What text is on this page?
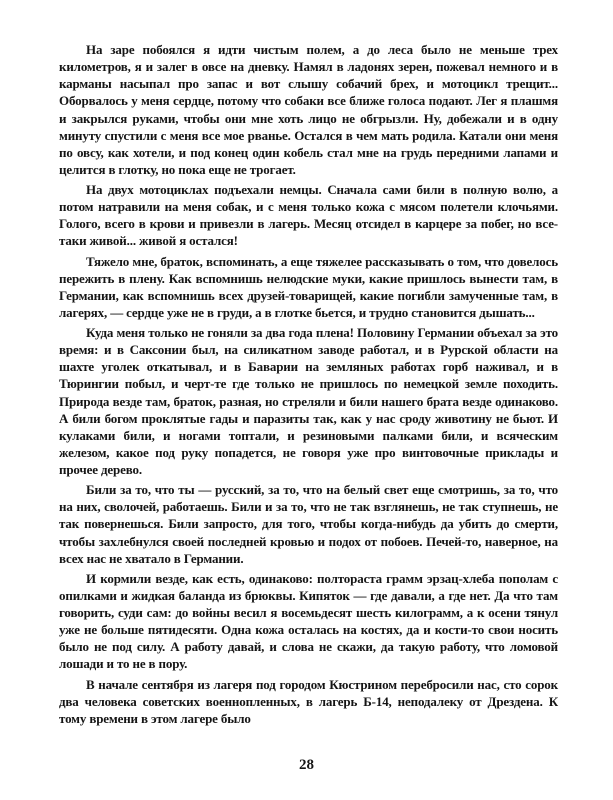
На заре побоялся я идти чистым полем, а до леса было не меньше трех километров, я и залег в овсе на дневку. Намял в ладонях зерен, пожевал немного и в карманы насыпал про запас и вот слышу собачий брех, и мотоцикл трещит... Оборвалось у меня сердце, потому что собаки все ближе голоса подают. Лег я плашмя и закрылся руками, чтобы они мне хоть лицо не обгрызли. Ну, добежали и в одну минуту спустили с меня все мое рванье. Остался в чем мать родила. Катали они меня по овсу, как хотели, и под конец один кобель стал мне на грудь передними лапами и целится в глотку, но пока еще не трогает.

На двух мотоциклах подъехали немцы. Сначала сами били в полную волю, а потом натравили на меня собак, и с меня только кожа с мясом полетели клочьями. Голого, всего в крови и привезли в лагерь. Месяц отсидел в карцере за побег, но все-таки живой... живой я остался!

Тяжело мне, браток, вспоминать, а еще тяжелее рассказывать о том, что довелось пережить в плену. Как вспомнишь нелюдские муки, какие пришлось вынести там, в Германии, как вспомнишь всех друзей-товарищей, какие погибли замученные там, в лагерях, — сердце уже не в груди, а в глотке бьется, и трудно становится дышать...

Куда меня только не гоняли за два года плена! Половину Германии объехал за это время: и в Саксонии был, на силикатном заводе работал, и в Рурской области на шахте уголек откатывал, и в Баварии на земляных работах горб наживал, и в Тюрингии побыл, и черт-те где только не пришлось по немецкой земле походить. Природа везде там, браток, разная, но стреляли и били нашего брата везде одинаково. А били богом проклятые гады и паразиты так, как у нас сроду животину не бьют. И кулаками били, и ногами топтали, и резиновыми палками били, и всяческим железом, какое под руку попадется, не говоря уже про винтовочные приклады и прочее дерево.

Били за то, что ты — русский, за то, что на белый свет еще смотришь, за то, что на них, сволочей, работаешь. Били и за то, что не так взглянешь, не так ступнешь, не так повернешься. Били запросто, для того, чтобы когда-нибудь да убить до смерти, чтобы захлебнулся своей последней кровью и подох от побоев. Печей-то, наверное, на всех нас не хватало в Германии.

И кормили везде, как есть, одинаково: полтораста грамм эрзац-хлеба пополам с опилками и жидкая баланда из брюквы. Кипяток — где давали, а где нет. Да что там говорить, суди сам: до войны весил я восемьдесят шесть килограмм, а к осени тянул уже не больше пятидесяти. Одна кожа осталась на костях, да и кости-то свои носить было не под силу. А работу давай, и слова не скажи, да такую работу, что ломовой лошади и то не в пору.

В начале сентября из лагеря под городом Кюстрином перебросили нас, сто сорок два человека советских военнопленных, в лагерь Б-14, неподалеку от Дрездена. К тому времени в этом лагере было

28
